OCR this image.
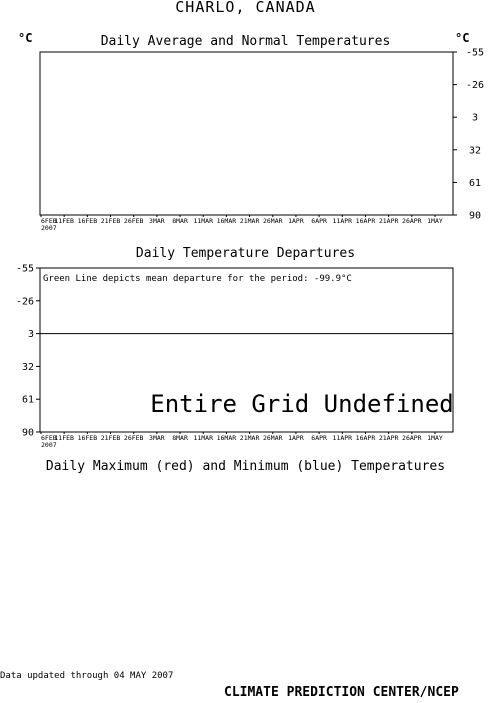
CHARLO, CANADA
°C	°C
Daily Average and Normal Temperatures
Daily Temperature Departures
Daily Maximum (red) and Minimum (blue) Temperatures
-55
-26
3
32
61
90
6FEB
11FEB 16FEB 21FEB 26FEB 3MAR 8MAR 11MAR 16MAR 21MAR 26MAR 1APR 6APR 11APR 16APR 21APR 26APR 1MAY
2007
-55
-26
3
32
61
90 6FEB
11FEB 16FEB 21FEB 26FEB 3MAR 8MAR 11MAR 16MAR 21MAR 26MAR 1APR 6APR 11APR 16APR 21APR 26APR 1MAY
2007
Green Line depicts mean departure for the period: -99.9°C
Entire Grid Undefined
Data updated through 04 MAY 2007
CLIMATE PREDICTION CENTER/NCEP
